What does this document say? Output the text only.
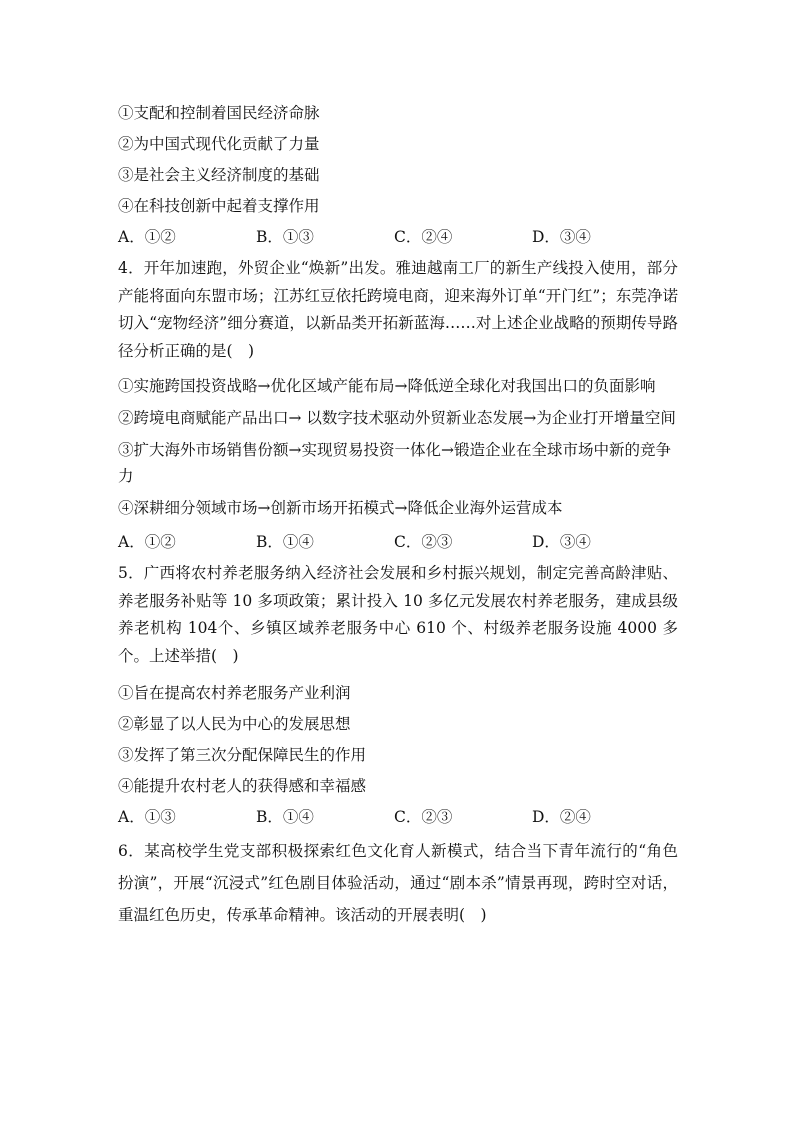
①支配和控制着国民经济命脉
②为中国式现代化贡献了力量
③是社会主义经济制度的基础
④在科技创新中起着支撑作用
A．①②	B．①③	C．②④	D．③④

4．开年加速跑，外贸企业“焕新”出发。雅迪越南工厂的新生产线投入使用，部分产能将面向东盟市场；江苏红豆依托跨境电商，迎来海外订单“开门红”；东莞净诺切入“宠物经济”细分赛道，以新品类开拓新蓝海……对上述企业战略的预期传导路径分析正确的是(　)

①实施跨国投资战略→优化区域产能布局→降低逆全球化对我国出口的负面影响

②跨境电商赋能产品出口→ 以数字技术驱动外贸新业态发展→为企业打开增量空间

③扩大海外市场销售份额→实现贸易投资一体化→锻造企业在全球市场中新的竞争力

④深耕细分领域市场→创新市场开拓模式→降低企业海外运营成本

A．①②	B．①④	C．②③	D．③④

5．广西将农村养老服务纳入经济社会发展和乡村振兴规划，制定完善高龄津贴、养老服务补贴等 10 多项政策；累计投入 10 多亿元发展农村养老服务，建成县级养老机构 104个、乡镇区域养老服务中心 610 个、村级养老服务设施 4000 多个。上述举措(　)

①旨在提高农村养老服务产业利润
②彰显了以人民为中心的发展思想
③发挥了第三次分配保障民生的作用
④能提升农村老人的获得感和幸福感
A．①③	B．①④	C．②③	D．②④

6．某高校学生党支部积极探索红色文化育人新模式，结合当下青年流行的“角色扮演”，开展“沉浸式”红色剧目体验活动，通过“剧本杀”情景再现，跨时空对话，重温红色历史，传承革命精神。该活动的开展表明(　)
